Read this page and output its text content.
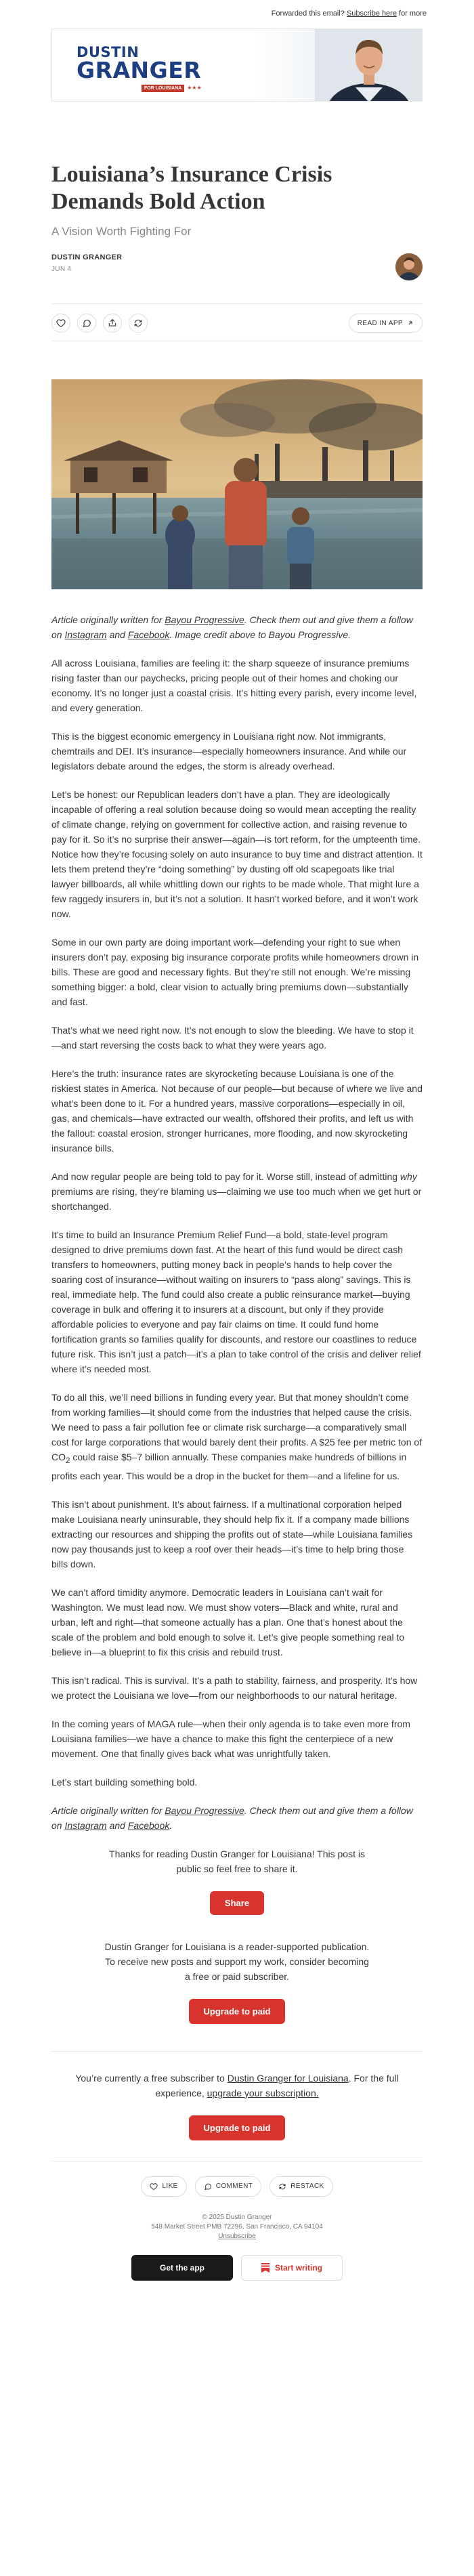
Forwarded this email? Subscribe here for more
DUSTIN
GRANGER
FOR LOUISIANA ★★★
Louisiana’s Insurance Crisis Demands Bold Action
A Vision Worth Fighting For
DUSTIN GRANGER
JUN 4
READ IN APP

Article originally written for Bayou Progressive. Check them out and give them a follow on Instagram and Facebook. Image credit above to Bayou Progressive.

All across Louisiana, families are feeling it: the sharp squeeze of insurance premiums rising faster than our paychecks, pricing people out of their homes and choking our economy. It’s no longer just a coastal crisis. It’s hitting every parish, every income level, and every generation.

This is the biggest economic emergency in Louisiana right now. Not immigrants, chemtrails and DEI. It’s insurance—especially homeowners insurance. And while our legislators debate around the edges, the storm is already overhead.

Let’s be honest: our Republican leaders don’t have a plan. They are ideologically incapable of offering a real solution because doing so would mean accepting the reality of climate change, relying on government for collective action, and raising revenue to pay for it. So it’s no surprise their answer—again—is tort reform, for the umpteenth time. Notice how they’re focusing solely on auto insurance to buy time and distract attention. It lets them pretend they’re “doing something” by dusting off old scapegoats like trial lawyer billboards, all while whittling down our rights to be made whole. That might lure a few raggedy insurers in, but it’s not a solution. It hasn’t worked before, and it won’t work now.

Some in our own party are doing important work—defending your right to sue when insurers don’t pay, exposing big insurance corporate profits while homeowners drown in bills. These are good and necessary fights. But they’re still not enough. We’re missing something bigger: a bold, clear vision to actually bring premiums down—substantially and fast.

That’s what we need right now. It’s not enough to slow the bleeding. We have to stop it—and start reversing the costs back to what they were years ago.

Here’s the truth: insurance rates are skyrocketing because Louisiana is one of the riskiest states in America. Not because of our people—but because of where we live and what’s been done to it. For a hundred years, massive corporations—especially in oil, gas, and chemicals—have extracted our wealth, offshored their profits, and left us with the fallout: coastal erosion, stronger hurricanes, more flooding, and now skyrocketing insurance bills.

And now regular people are being told to pay for it. Worse still, instead of admitting why premiums are rising, they’re blaming us—claiming we use too much when we get hurt or shortchanged.

It’s time to build an Insurance Premium Relief Fund—a bold, state-level program designed to drive premiums down fast. At the heart of this fund would be direct cash transfers to homeowners, putting money back in people’s hands to help cover the soaring cost of insurance—without waiting on insurers to “pass along” savings. This is real, immediate help. The fund could also create a public reinsurance market—buying coverage in bulk and offering it to insurers at a discount, but only if they provide affordable policies to everyone and pay fair claims on time. It could fund home fortification grants so families qualify for discounts, and restore our coastlines to reduce future risk. This isn’t just a patch—it’s a plan to take control of the crisis and deliver relief where it’s needed most.

To do all this, we’ll need billions in funding every year. But that money shouldn’t come from working families—it should come from the industries that helped cause the crisis. We need to pass a fair pollution fee or climate risk surcharge—a comparatively small cost for large corporations that would barely dent their profits. A $25 fee per metric ton of $CO_2$ could raise $5–7 billion annually. These companies make hundreds of billions in profits each year. This would be a drop in the bucket for them—and a lifeline for us.

This isn’t about punishment. It’s about fairness. If a multinational corporation helped make Louisiana nearly uninsurable, they should help fix it. If a company made billions extracting our resources and shipping the profits out of state—while Louisiana families now pay thousands just to keep a roof over their heads—it’s time to help bring those bills down.

We can’t afford timidity anymore. Democratic leaders in Louisiana can’t wait for Washington. We must lead now. We must show voters—Black and white, rural and urban, left and right—that someone actually has a plan. One that’s honest about the scale of the problem and bold enough to solve it. Let’s give people something real to believe in—a blueprint to fix this crisis and rebuild trust.

This isn’t radical. This is survival. It’s a path to stability, fairness, and prosperity. It’s how we protect the Louisiana we love—from our neighborhoods to our natural heritage.

In the coming years of MAGA rule—when their only agenda is to take even more from Louisiana families—we have a chance to make this fight the centerpiece of a new movement. One that finally gives back what was unrightfully taken.

Let’s start building something bold.

Article originally written for Bayou Progressive. Check them out and give them a follow on Instagram and Facebook.

Thanks for reading Dustin Granger for Louisiana! This post is public so feel free to share it.
Share
Dustin Granger for Louisiana is a reader-supported publication. To receive new posts and support my work, consider becoming a free or paid subscriber.
Upgrade to paid
You’re currently a free subscriber to Dustin Granger for Louisiana. For the full experience, upgrade your subscription.
Upgrade to paid
LIKE	COMMENT	RESTACK
© 2025 Dustin Granger
548 Market Street PMB 72296, San Francisco, CA 94104
Unsubscribe
Get the app	Start writing
